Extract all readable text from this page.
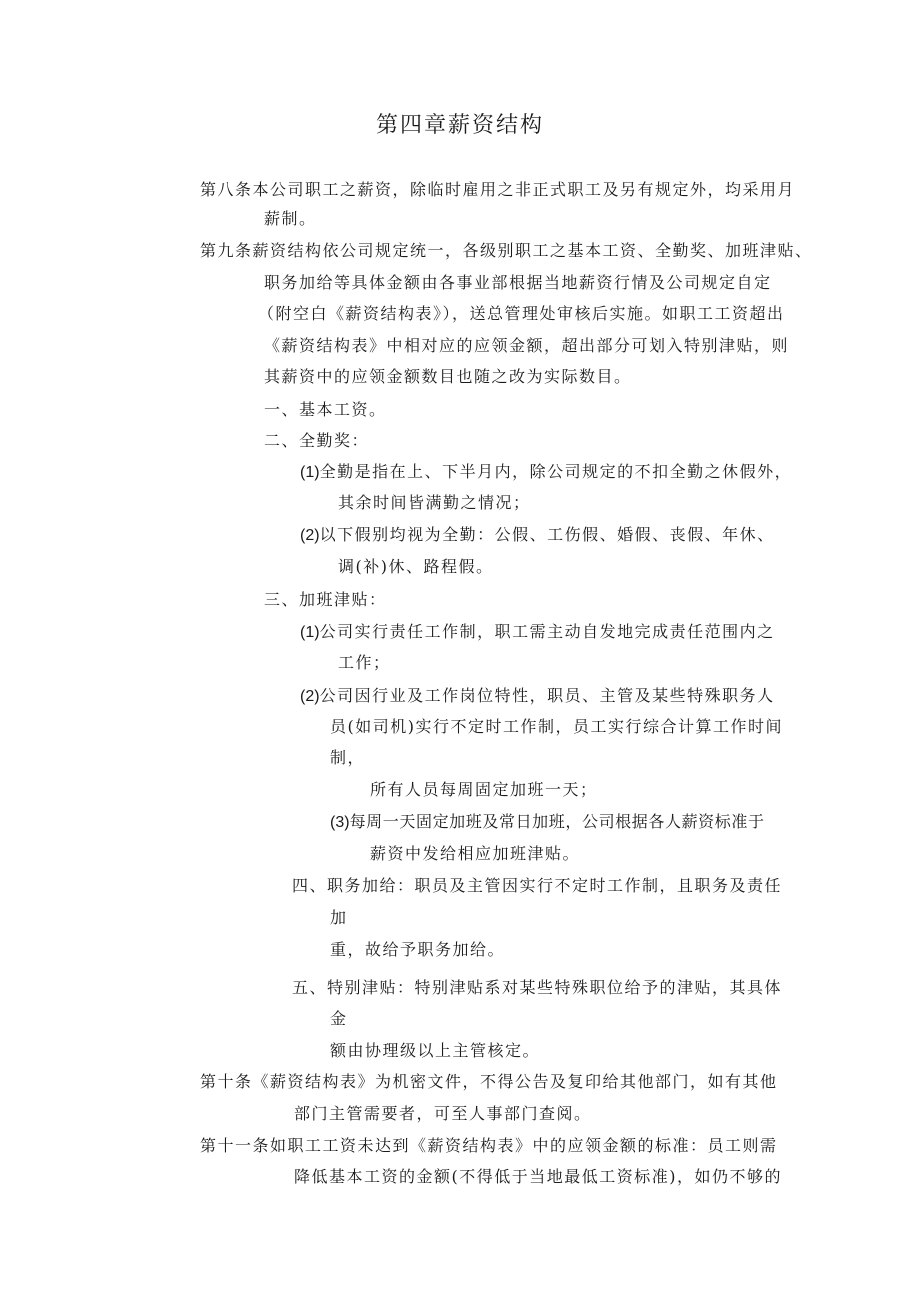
第四章薪资结构
第八条本公司职工之薪资，除临时雇用之非正式职工及另有规定外，均采用月
薪制。
第九条薪资结构依公司规定统一，各级别职工之基本工资、全勤奖、加班津贴、
职务加给等具体金额由各事业部根据当地薪资行情及公司规定自定
（附空白《薪资结构表》），送总管理处审核后实施。如职工工资超出
《薪资结构表》中相对应的应领金额，超出部分可划入特别津贴，则
其薪资中的应领金额数目也随之改为实际数目。
一、基本工资。
二、全勤奖：
(1)全勤是指在上、下半月内，除公司规定的不扣全勤之休假外，
其余时间皆满勤之情况；
(2)以下假别均视为全勤：公假、工伤假、婚假、丧假、年休、
调(补)休、路程假。
三、加班津贴：
(1)公司实行责任工作制，职工需主动自发地完成责任范围内之
工作；
(2)公司因行业及工作岗位特性，职员、主管及某些特殊职务人
员(如司机)实行不定时工作制，员工实行综合计算工作时间
制，
所有人员每周固定加班一天；
(3)每周一天固定加班及常日加班，公司根据各人薪资标准于
薪资中发给相应加班津贴。
四、职务加给：职员及主管因实行不定时工作制，且职务及责任
加
重，故给予职务加给。
五、特别津贴：特别津贴系对某些特殊职位给予的津贴，其具体
金
额由协理级以上主管核定。
第十条《薪资结构表》为机密文件，不得公告及复印给其他部门，如有其他
部门主管需要者，可至人事部门查阅。
第十一条如职工工资未达到《薪资结构表》中的应领金额的标准：员工则需
降低基本工资的金额(不得低于当地最低工资标准)，如仍不够的
